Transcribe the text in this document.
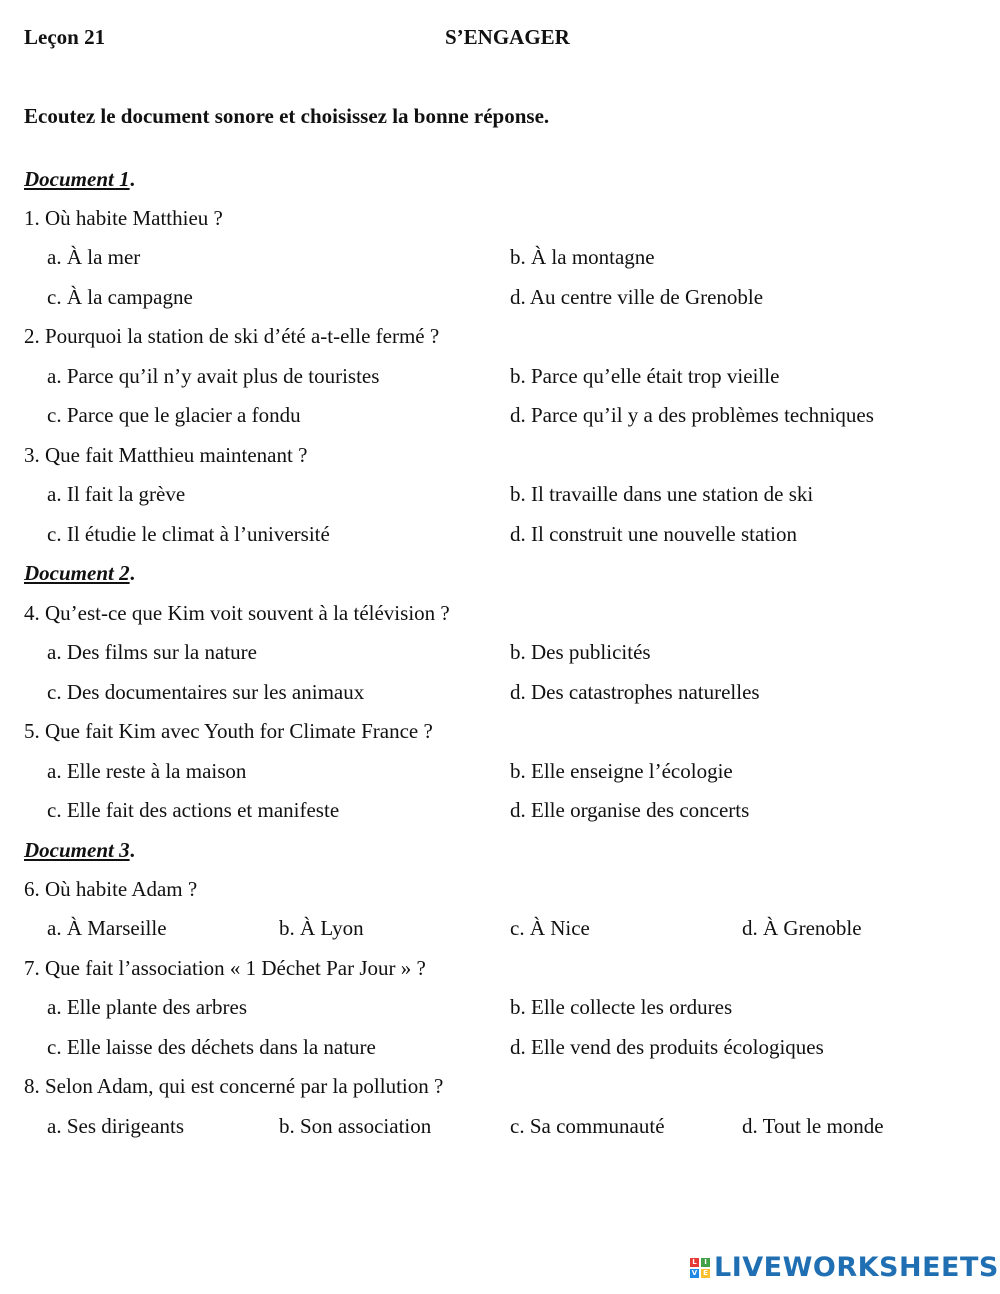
Leçon 21	S’ENGAGER
Ecoutez le document sonore et choisissez la bonne réponse.
Document 1.
1. Où habite Matthieu ?
a. À la mer	b. À la montagne
c. À la campagne	d. Au centre ville de Grenoble
2. Pourquoi la station de ski d’été a-t-elle fermé ?
a. Parce qu’il n’y avait plus de touristes	b. Parce qu’elle était trop vieille
c. Parce que le glacier a fondu	d. Parce qu’il y a des problèmes techniques
3. Que fait Matthieu maintenant ?
a. Il fait la grève	b. Il travaille dans une station de ski
c. Il étudie le climat à l’université	d. Il construit une nouvelle station
Document 2.
4. Qu’est-ce que Kim voit souvent à la télévision ?
a. Des films sur la nature	b. Des publicités
c. Des documentaires sur les animaux	d. Des catastrophes naturelles
5. Que fait Kim avec Youth for Climate France ?
a. Elle reste à la maison	b. Elle enseigne l’écologie
c. Elle fait des actions et manifeste	d. Elle organise des concerts
Document 3.
6. Où habite Adam ?
a. À Marseille	b. À Lyon	c. À Nice	d. À Grenoble
7. Que fait l’association « 1 Déchet Par Jour » ?
a. Elle plante des arbres	b. Elle collecte les ordures
c. Elle laisse des déchets dans la nature	d. Elle vend des produits écologiques
8. Selon Adam, qui est concerné par la pollution ?
a. Ses dirigeants	b. Son association	c. Sa communauté	d. Tout le monde
L	I
V E LIVEWORKSHEETS
